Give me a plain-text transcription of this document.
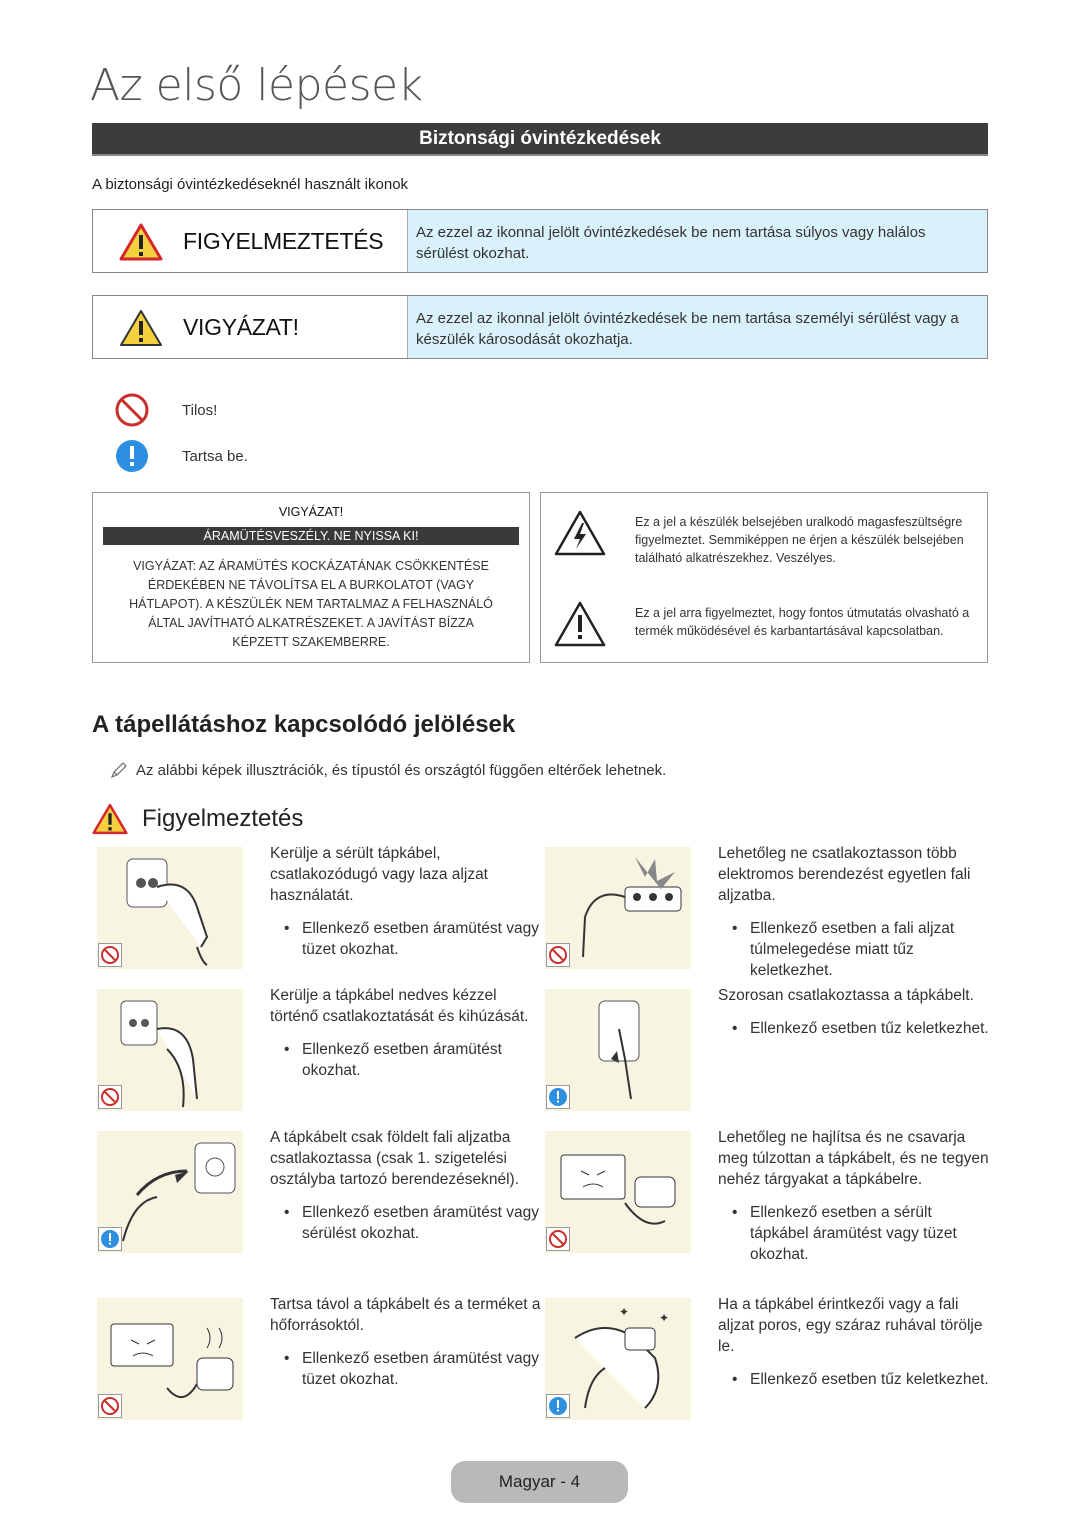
Az első lépések
Biztonsági óvintézkedések
A biztonsági óvintézkedéseknél használt ikonok
FIGYELMEZTETÉS	Az ezzel az ikonnal jelölt óvintézkedések be nem tartása súlyos vagy halálos sérülést okozhat.
VIGYÁZAT!	Az ezzel az ikonnal jelölt óvintézkedések be nem tartása személyi sérülést vagy a készülék károsodását okozhatja.
Tilos!
Tartsa be.
VIGYÁZAT!
ÁRAMÜTÉSVESZÉLY. NE NYISSA KI!
VIGYÁZAT: AZ ÁRAMÜTÉS KOCKÁZATÁNAK CSÖKKENTÉSE
ÉRDEKÉBEN NE TÁVOLÍTSA EL A BURKOLATOT (VAGY
HÁTLAPOT). A KÉSZÜLÉK NEM TARTALMAZ A FELHASZNÁLÓ
ÁLTAL JAVÍTHATÓ ALKATRÉSZEKET. A JAVÍTÁST BÍZZA
KÉPZETT SZAKEMBERRE.
Ez a jel a készülék belsejében uralkodó magasfeszültségre figyelmeztet. Semmiképpen ne érjen a készülék belsejében található alkatrészekhez. Veszélyes.
Ez a jel arra figyelmeztet, hogy fontos útmutatás olvasható a termék működésével és karbantartásával kapcsolatban.
A tápellátáshoz kapcsolódó jelölések
Az alábbi képek illusztrációk, és típustól és országtól függően eltérőek lehetnek.
Figyelmeztetés
Kerülje a sérült tápkábel, csatlakozódugó vagy laza aljzat használatát.
• Ellenkező esetben áramütést vagy tüzet okozhat.
Lehetőleg ne csatlakoztasson több elektromos berendezést egyetlen fali aljzatba.
• Ellenkező esetben a fali aljzat túlmelegedése miatt tűz keletkezhet.
Kerülje a tápkábel nedves kézzel történő csatlakoztatását és kihúzását.
• Ellenkező esetben áramütést okozhat.
Szorosan csatlakoztassa a tápkábelt.
• Ellenkező esetben tűz keletkezhet.
A tápkábelt csak földelt fali aljzatba csatlakoztassa (csak 1. szigetelési osztályba tartozó berendezéseknél).
• Ellenkező esetben áramütést vagy sérülést okozhat.
Lehetőleg ne hajlítsa és ne csavarja meg túlzottan a tápkábelt, és ne tegyen nehéz tárgyakat a tápkábelre.
• Ellenkező esetben a sérült tápkábel áramütést vagy tüzet okozhat.
Tartsa távol a tápkábelt és a terméket a hőforrásoktól.
• Ellenkező esetben áramütést vagy tüzet okozhat.
✦ ✦
Ha a tápkábel érintkezői vagy a fali aljzat poros, egy száraz ruhával törölje le.
• Ellenkező esetben tűz keletkezhet.
Magyar - 4
